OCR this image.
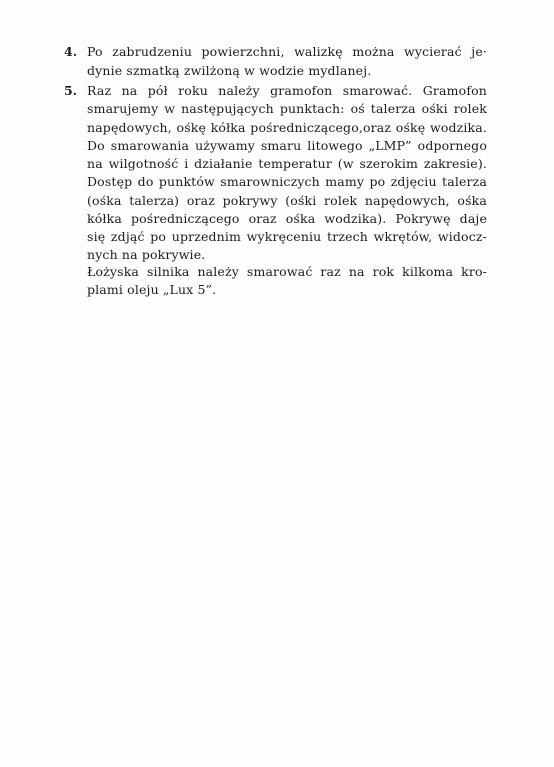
4. Po zabrudzeniu powierzchni, walizkę można wycierać je·
dynie szmatką zwilżoną w wodzie mydlanej.
5. Raz na pół roku należy gramofon smarować. Gramofon
smarujemy w następujących punktach: oś talerza ośki rolek
napędowych, ośkę kółka pośredniczącego,oraz ośkę wodzika.
Do smarowania używamy smaru litowego „LMP” odpornego
na wilgotność i działanie temperatur (w szerokim zakresie).
Dostęp do punktów smarowniczych mamy po zdjęciu talerza
(ośka talerza) oraz pokrywy (ośki rolek napędowych, ośka
kółka pośredniczącego oraz ośka wodzika). Pokrywę daje
się zdjąć po uprzednim wykręceniu trzech wkrętów, widocz-
nych na pokrywie.
Łożyska silnika należy smarować raz na rok kilkoma kro-
plami oleju „Lux 5”.
